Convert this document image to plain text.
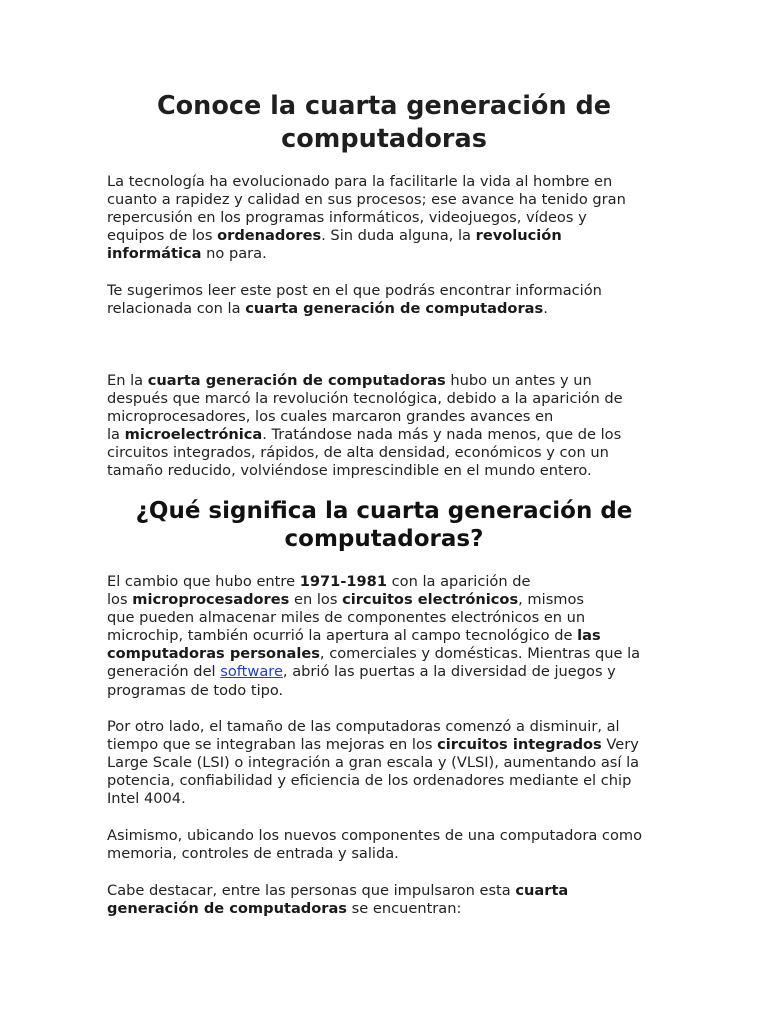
Conoce la cuarta generación de
computadoras

La tecnología ha evolucionado para la facilitarle la vida al hombre en
cuanto a rapidez y calidad en sus procesos; ese avance ha tenido gran
repercusión en los programas informáticos, videojuegos, vídeos y
equipos de los ordenadores. Sin duda alguna, la revolución
informática no para.

Te sugerimos leer este post en el que podrás encontrar información
relacionada con la cuarta generación de computadoras.

En la cuarta generación de computadoras hubo un antes y un
después que marcó la revolución tecnológica, debido a la aparición de
microprocesadores, los cuales marcaron grandes avances en
la microelectrónica. Tratándose nada más y nada menos, que de los
circuitos integrados, rápidos, de alta densidad, económicos y con un
tamaño reducido, volviéndose imprescindible en el mundo entero.

¿Qué significa la cuarta generación de
computadoras?

El cambio que hubo entre 1971-1981 con la aparición de
los microprocesadores en los circuitos electrónicos, mismos
que pueden almacenar miles de componentes electrónicos en un
microchip, también ocurrió la apertura al campo tecnológico de las
computadoras personales, comerciales y domésticas. Mientras que la
generación del software, abrió las puertas a la diversidad de juegos y
programas de todo tipo.

Por otro lado, el tamaño de las computadoras comenzó a disminuir, al
tiempo que se integraban las mejoras en los circuitos integrados Very
Large Scale (LSI) o integración a gran escala y (VLSI), aumentando así la
potencia, confiabilidad y eficiencia de los ordenadores mediante el chip
Intel 4004.

Asimismo, ubicando los nuevos componentes de una computadora como
memoria, controles de entrada y salida.

Cabe destacar, entre las personas que impulsaron esta cuarta
generación de computadoras se encuentran:
